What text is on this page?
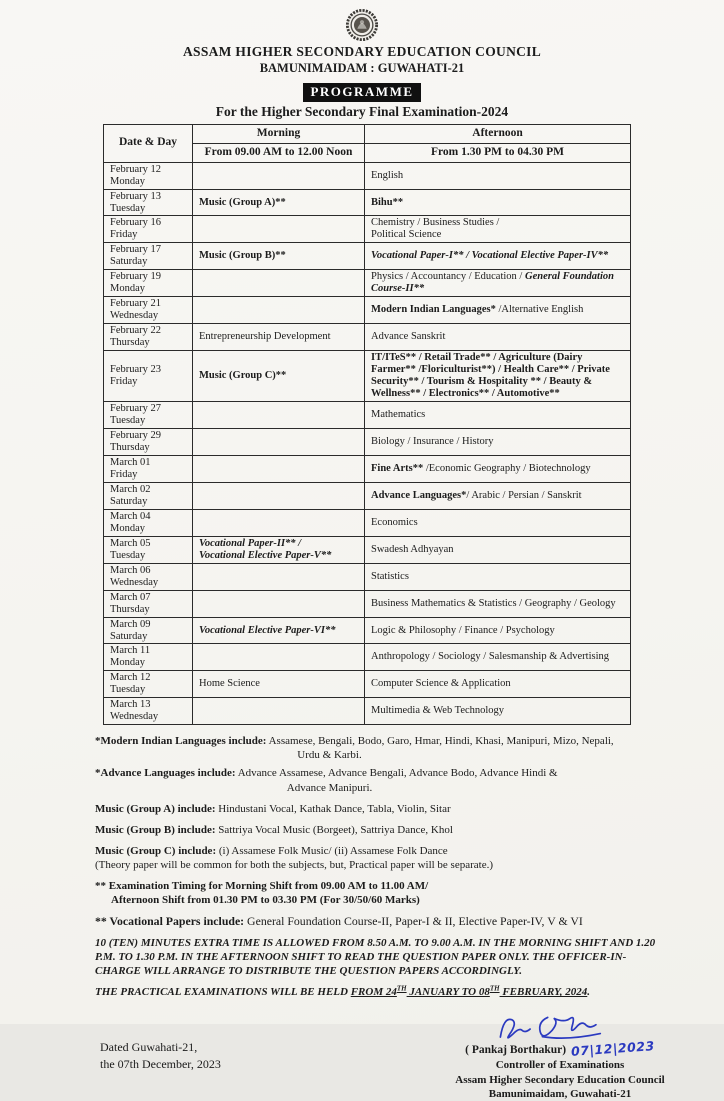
ASSAM HIGHER SECONDARY EDUCATION COUNCIL
BAMUNIMAIDAM : GUWAHATI-21
PROGRAMME
For the Higher Secondary Final Examination-2024
Date & Day	Morning	Afternoon
	From 09.00 AM to 12.00 Noon	From 1.30 PM to 04.30 PM

February 12
Monday		English

February 13
Tuesday	Music (Group A)**	Bihu**

February 16
Friday		Chemistry / Business Studies /
Political Science

February 17
Saturday	Music (Group B)**	Vocational Paper-I** / Vocational Elective Paper-IV**

February 19
Monday		Physics / Accountancy / Education / General Foundation Course-II**

February 21
Wednesday		Modern Indian Languages* /Alternative English

February 22
Thursday	Entrepreneurship Development	Advance Sanskrit

February 23
Friday	Music (Group C)**	IT/ITeS** / Retail Trade** / Agriculture (Dairy Farmer** /Floriculturist**) / Health Care** / Private Security** / Tourism & Hospitality ** / Beauty & Wellness** / Electronics** / Automotive**

February 27
Tuesday		Mathematics

February 29
Thursday		Biology / Insurance / History

March 01
Friday		Fine Arts** /Economic Geography / Biotechnology

March 02
Saturday		Advance Languages*/ Arabic / Persian / Sanskrit

March 04
Monday		Economics

March 05
Tuesday	Vocational Paper-II** /
Vocational Elective Paper-V**	Swadesh Adhyayan

March 06
Wednesday		Statistics

March 07
Thursday		Business Mathematics & Statistics / Geography / Geology

March 09
Saturday	Vocational Elective Paper-VI**	Logic & Philosophy / Finance / Psychology

March 11
Monday		Anthropology / Sociology / Salesmanship & Advertising

March 12
Tuesday	Home Science	Computer Science & Application

March 13
Wednesday		Multimedia & Web Technology
*Modern Indian Languages include: Assamese, Bengali, Bodo, Garo, Hmar, Hindi, Khasi, Manipuri, Mizo, Nepali,
Urdu & Karbi.
*Advance Languages include: Advance Assamese, Advance Bengali, Advance Bodo, Advance Hindi &
Advance Manipuri.
Music (Group A) include: Hindustani Vocal, Kathak Dance, Tabla, Violin, Sitar
Music (Group B) include: Sattriya Vocal Music (Borgeet), Sattriya Dance, Khol
Music (Group C) include: (i) Assamese Folk Music/ (ii) Assamese Folk Dance
(Theory paper will be common for both the subjects, but, Practical paper will be separate.)
** Examination Timing for Morning Shift from 09.00 AM to 11.00 AM/
Afternoon Shift from 01.30 PM to 03.30 PM (For 30/50/60 Marks)
** Vocational Papers include: General Foundation Course-II, Paper-I & II, Elective Paper-IV, V & VI
10 (TEN) MINUTES EXTRA TIME IS ALLOWED FROM 8.50 A.M. TO 9.00 A.M. IN THE MORNING SHIFT AND 1.20 P.M. TO 1.30 P.M. IN THE AFTERNOON SHIFT TO READ THE QUESTION PAPER ONLY. THE OFFICER-IN-CHARGE WILL ARRANGE TO DISTRIBUTE THE QUESTION PAPERS ACCORDINGLY.
THE PRACTICAL EXAMINATIONS WILL BE HELD FROM 24TH JANUARY TO 08TH FEBRUARY, 2024.
Dated Guwahati-21,
the 07th December, 2023
( Pankaj Borthakur) 07|12|2023
Controller of Examinations
Assam Higher Secondary Education Council
Bamunimaidam, Guwahati-21
